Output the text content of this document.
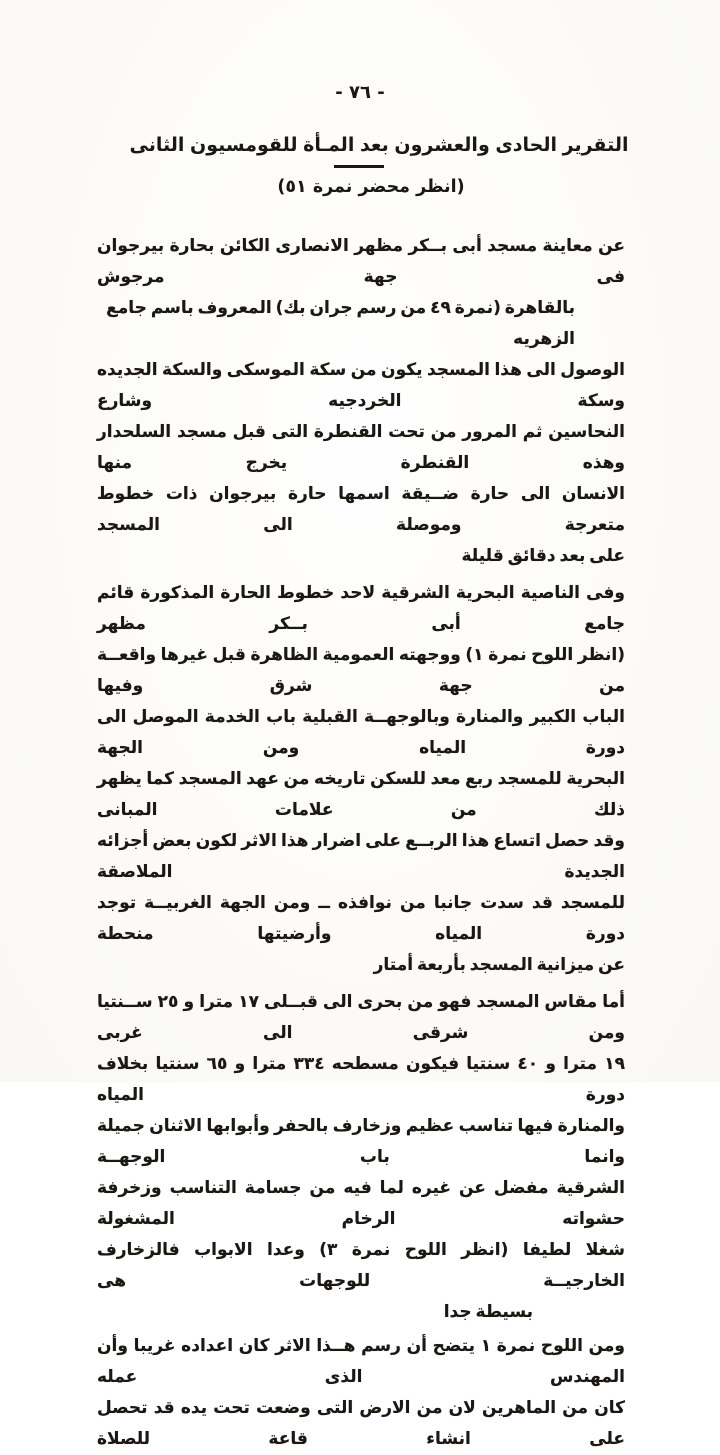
- ٧٦ -
التقرير الحادى والعشرون بعد المـأة للقومسيون الثانى
(انظر محضر نمرة ٥١)
عن معاينة مسجد أبى بــكر مظهر الانصارى الكائن بحارة بيرجوان فى جهة مرجوش
بالقاهرة (نمرة ٤٩ من رسم جران بك) المعروف باسم جامع الزهريه
الوصول الى هذا المسجد يكون من سكة الموسكى والسكة الجديده وسكة الخردجيه وشارع
النحاسين ثم المرور من تحت القنطرة التى قبل مسجد السلحدار وهذه القنطرة يخرج منها
الانسان الى حارة ضــيقة اسمها حارة بيرجوان ذات خطوط متعرجة وموصلة الى المسجد
على بعد دقائق قليلة
وفى الناصية البحرية الشرقية لاحد خطوط الحارة المذكورة قائم جامع أبى بــكر مظهر
(انظر اللوح نمرة ١) ووجهته العمومية الظاهرة قبل غيرها واقعــة من جهة شرق وفيها
الباب الكبير والمنارة وبالوجهــة القبلية باب الخدمة الموصل الى دورة المياه ومن الجهة
البحرية للمسجد ربع معد للسكن تاريخه من عهد المسجد كما يظهر ذلك من علامات المبانى
وقد حصل اتساع هذا الربــع على اضرار هذا الاثر لكون بعض أجزائه الجديدة الملاصقة
للمسجد قد سدت جانبا من نوافذه ــ ومن الجهة الغربيــة توجد دورة المياه وأرضيتها منحطة
عن ميزانية المسجد بأربعة أمتار
أما مقاس المسجد فهو من بحرى الى قبــلى ١٧ مترا و ٢٥ ســنتيا ومن شرقى الى غربى
١٩ مترا و ٤٠ سنتيا فيكون مسطحه ٣٣٤ مترا و ٦٥ سنتيا بخلاف دورة المياه
والمنارة فيها تناسب عظيم وزخارف بالحفر وأبوابها الاثنان جميلة وانما باب الوجهــة
الشرقية مفضل عن غيره لما فيه من جسامة التناسب وزخرفة حشواته الرخام المشغولة
شغلا لطيفا (انظر اللوح نمرة ٣) وعدا الابواب فالزخارف الخارجيــة للوجهات هى
بسيطة جدا
ومن اللوح نمرة ١ يتضح أن رسم هــذا الاثر كان اعداده غريبا وأن المهندس الذى عمله
كان من الماهرين لان من الارض التى وضعت تحت يده قد تحصل على انشاء قاعة للصلاة
